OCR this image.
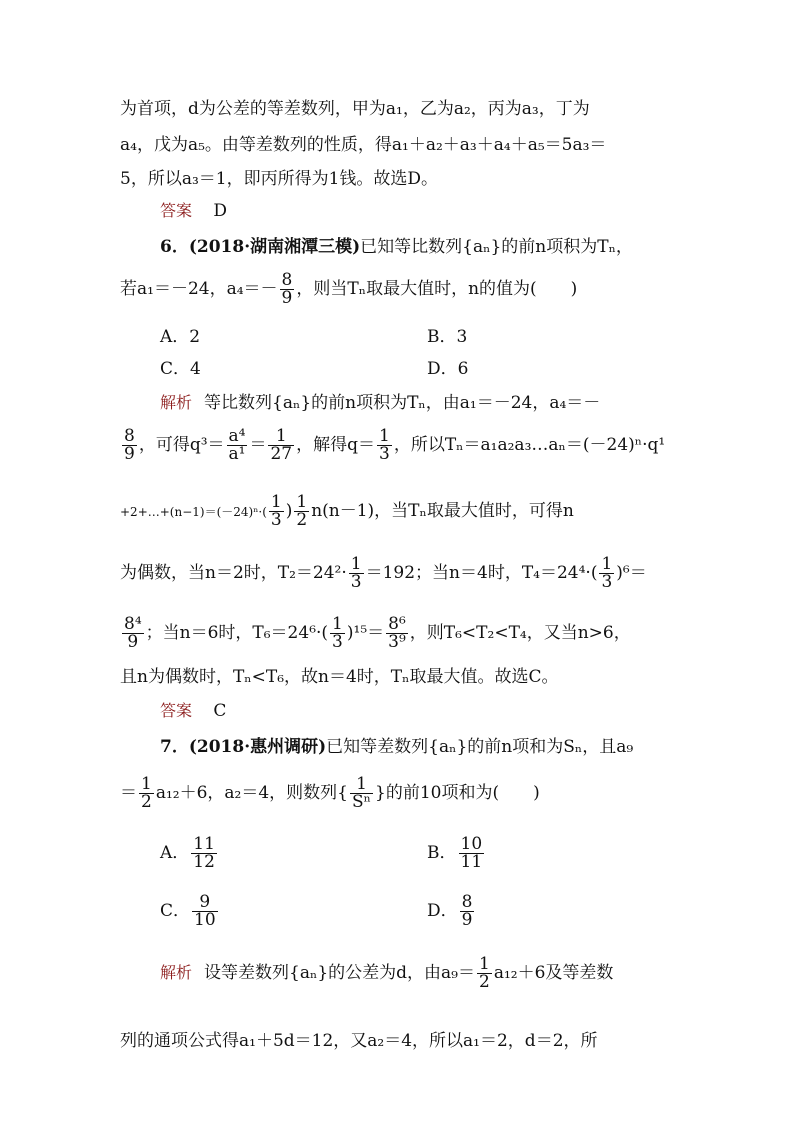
为首项，d为公差的等差数列，甲为a₁，乙为a₂，丙为a₃，丁为
a₄，戊为a₅。由等差数列的性质，得a₁＋a₂＋a₃＋a₄＋a₅＝5a₃＝
5，所以a₃＝1，即丙所得为1钱。故选D。
答案 D
6．(2018·湖南湘潭三模)已知等比数列{aₙ}的前n项积为Tₙ，
若a₁＝－24，$a_4=- \frac{8}{9}$ ，则当Tₙ取最大值时，n的值为(　　)
A．2	B．3
C．4	D．6
解析 等比数列{aₙ}的前n项积为Tₙ，由a₁＝－24，a₄＝－
$\frac{8}{9}$ ，可得$q^3= \frac{\text{a⁴}}{\text{a¹}} = \frac{1}{27}$ ，解得$q= \frac{1}{3}$ ，所以Tₙ＝a₁a₂a₃…aₙ＝(－24)ⁿ·q¹
+2+…+(n−1)＝(－24)ⁿ·( $\frac{1}{3}$ ) $\frac{1}{2} n(n-1)$，当Tₙ取最大值时，可得n
为偶数，当n＝2时，$T_2=24^2\cdot \frac{1}{3} =192$；当n＝4时，$T_4=24^4\cdot( \frac{1}{3} )^6=$
$\frac{\text{8⁴}}{9}$ ；当n＝6时，$T_6=24^6\cdot( \frac{1}{3} )^{15}= \frac{\text{8⁶}}{\text{3⁹}}$ ，则T₆<T₂<T₄，又当n>6，
且n为偶数时，Tₙ<T₆，故n＝4时，Tₙ取最大值。故选C。
答案 C
7．(2018·惠州调研)已知等差数列{aₙ}的前n项和为Sₙ，且a₉
＝ $\frac{1}{2} a_{12}+6$，a₂＝4，则数列{ $\frac{1}{\text{Sⁿ}}$ }的前10项和为(　　)
A． $\frac{11}{12}$	B． $\frac{10}{11}$
C． $\frac{9}{10}$	D． $\frac{8}{9}$
解析 设等差数列{aₙ}的公差为d，由$a_9= \frac{1}{2} a_{12}+6$及等差数
列的通项公式得a₁＋5d＝12，又a₂＝4，所以a₁＝2，d＝2，所
